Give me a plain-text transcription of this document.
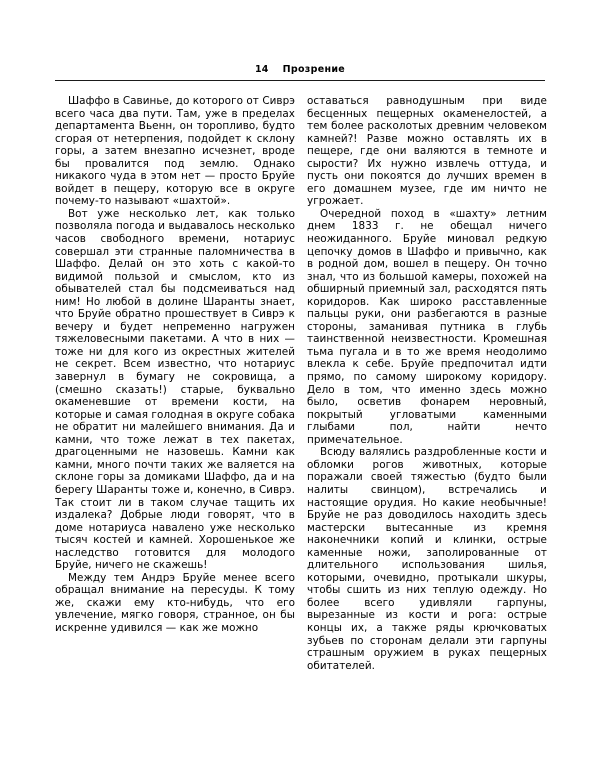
14 Прозрение

Шаффо в Савинье, до которого от Сиврэ всего часа два пути. Там, уже в пределах департамента Вьенн, он торопливо, будто сгорая от нетерпения, подойдет к склону горы, а затем внезапно исчезнет, вроде бы провалится под землю. Однако никакого чуда в этом нет — просто Бруйе войдет в пещеру, которую все в округе почему-то называют «шахтой».

Вот уже несколько лет, как только позволяла погода и выдавалось несколько часов свободного времени, нотариус совершал эти странные паломничества в Шаффо. Делай он это хоть с какой-то видимой пользой и смыслом, кто из обывателей стал бы подсмеиваться над ним! Но любой в долине Шаранты знает, что Бруйе обратно прошествует в Сиврэ к вечеру и будет непременно нагружен тяжеловесными пакетами. А что в них — тоже ни для кого из окрестных жителей не секрет. Всем известно, что нотариус завернул в бумагу не сокровища, а (смешно сказать!) старые, буквально окаменевшие от времени кости, на которые и самая голодная в округе собака не обратит ни малейшего внимания. Да и камни, что тоже лежат в тех пакетах, драгоценными не назовешь. Камни как камни, много почти таких же валяется на склоне горы за домиками Шаффо, да и на берегу Шаранты тоже и, конечно, в Сиврэ. Так стоит ли в таком случае тащить их издалека? Добрые люди говорят, что в доме нотариуса навалено уже несколько тысяч костей и камней. Хорошенькое же наследство готовится для молодого Бруйе, ничего не скажешь!

Между тем Андрэ Бруйе менее всего обращал внимание на пересуды. К тому же, скажи ему кто-нибудь, что его увлечение, мягко говоря, странное, он бы искренне удивился — как же можно

оставаться равнодушным при виде бесценных пещерных окаменелостей, а тем более расколотых древним человеком камней?! Разве можно оставлять их в пещере, где они валяются в темноте и сырости? Их нужно извлечь оттуда, и пусть они покоятся до лучших времен в его домашнем музее, где им ничто не угрожает.

Очередной поход в «шахту» летним днем 1833 г. не обещал ничего неожиданного. Бруйе миновал редкую цепочку домов в Шаффо и привычно, как в родной дом, вошел в пещеру. Он точно знал, что из большой камеры, похожей на обширный приемный зал, расходятся пять коридоров. Как широко расставленные пальцы руки, они разбегаются в разные стороны, заманивая путника в глубь таинственной неизвестности. Кромешная тьма пугала и в то же время неодолимо влекла к себе. Бруйе предпочитал идти прямо, по самому широкому коридору. Дело в том, что именно здесь можно было, осветив фонарем неровный, покрытый угловатыми каменными глыбами пол, найти нечто примечательное.

Всюду валялись раздробленные кости и обломки рогов животных, которые поражали своей тяжестью (будто были налиты свинцом), встречались и настоящие орудия. Но какие необычные! Бруйе не раз доводилось находить здесь мастерски вытесанные из кремня наконечники копий и клинки, острые каменные ножи, заполированные от длительного использования шилья, которыми, очевидно, протыкали шкуры, чтобы сшить из них теплую одежду. Но более всего удивляли гарпуны, вырезанные из кости и рога: острые концы их, а также ряды крючковатых зубьев по сторонам делали эти гарпуны страшным оружием в руках пещерных обитателей.
